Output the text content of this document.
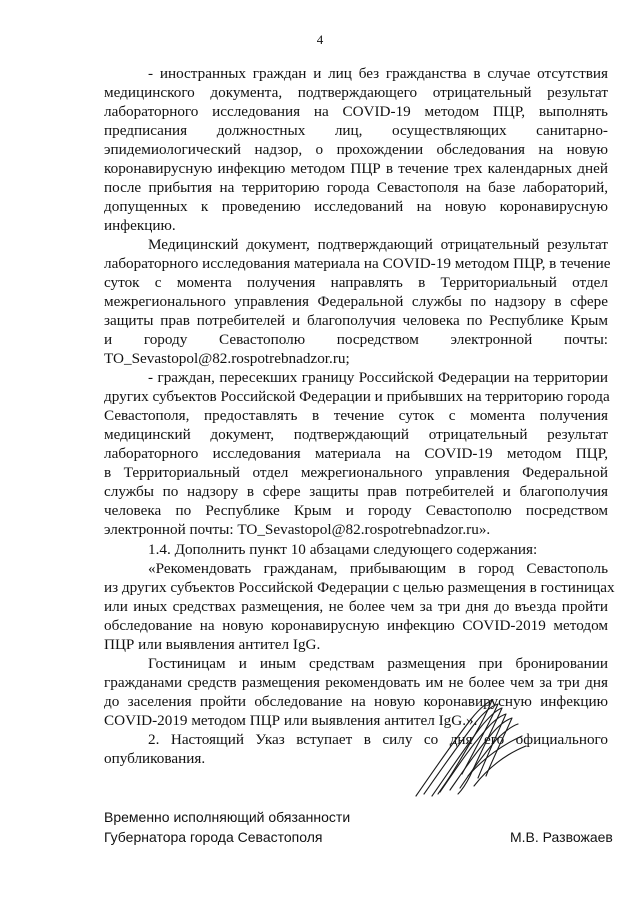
4
- иностранных граждан и лиц без гражданства в случае отсутствия
медицинского документа, подтверждающего отрицательный результат
лабораторного исследования на COVID-19 методом ПЦР, выполнять
предписания должностных лиц, осуществляющих санитарно-
эпидемиологический надзор, о прохождении обследования на новую
коронавирусную инфекцию методом ПЦР в течение трех календарных дней
после прибытия на территорию города Севастополя на базе лабораторий,
допущенных к проведению исследований на новую коронавирусную
инфекцию.
Медицинский документ, подтверждающий отрицательный результат
лабораторного исследования материала на COVID-19 методом ПЦР, в течение
суток с момента получения направлять в Территориальный отдел
межрегионального управления Федеральной службы по надзору в сфере
защиты прав потребителей и благополучия человека по Республике Крым
и городу Севастополю посредством электронной почты:
TO_Sevastopol@82.rospotrebnadzor.ru;
- граждан, пересекших границу Российской Федерации на территории
других субъектов Российской Федерации и прибывших на территорию города
Севастополя, предоставлять в течение суток с момента получения
медицинский документ, подтверждающий отрицательный результат
лабораторного исследования материала на COVID-19 методом ПЦР,
в Территориальный отдел межрегионального управления Федеральной
службы по надзору в сфере защиты прав потребителей и благополучия
человека по Республике Крым и городу Севастополю посредством
электронной почты: TO_Sevastopol@82.rospotrebnadzor.ru».
1.4. Дополнить пункт 10 абзацами следующего содержания:
«Рекомендовать гражданам, прибывающим в город Севастополь
из других субъектов Российской Федерации с целью размещения в гостиницах
или иных средствах размещения, не более чем за три дня до въезда пройти
обследование на новую коронавирусную инфекцию COVID-2019 методом
ПЦР или выявления антител IgG.
Гостиницам и иным средствам размещения при бронировании
гражданами средств размещения рекомендовать им не более чем за три дня
до заселения пройти обследование на новую коронавирусную инфекцию
COVID-2019 методом ПЦР или выявления антител IgG.».
2. Настоящий Указ вступает в силу со дня его официального
опубликования.
Временно исполняющий обязанности
Губернатора города Севастополя	М.В. Развожаев
